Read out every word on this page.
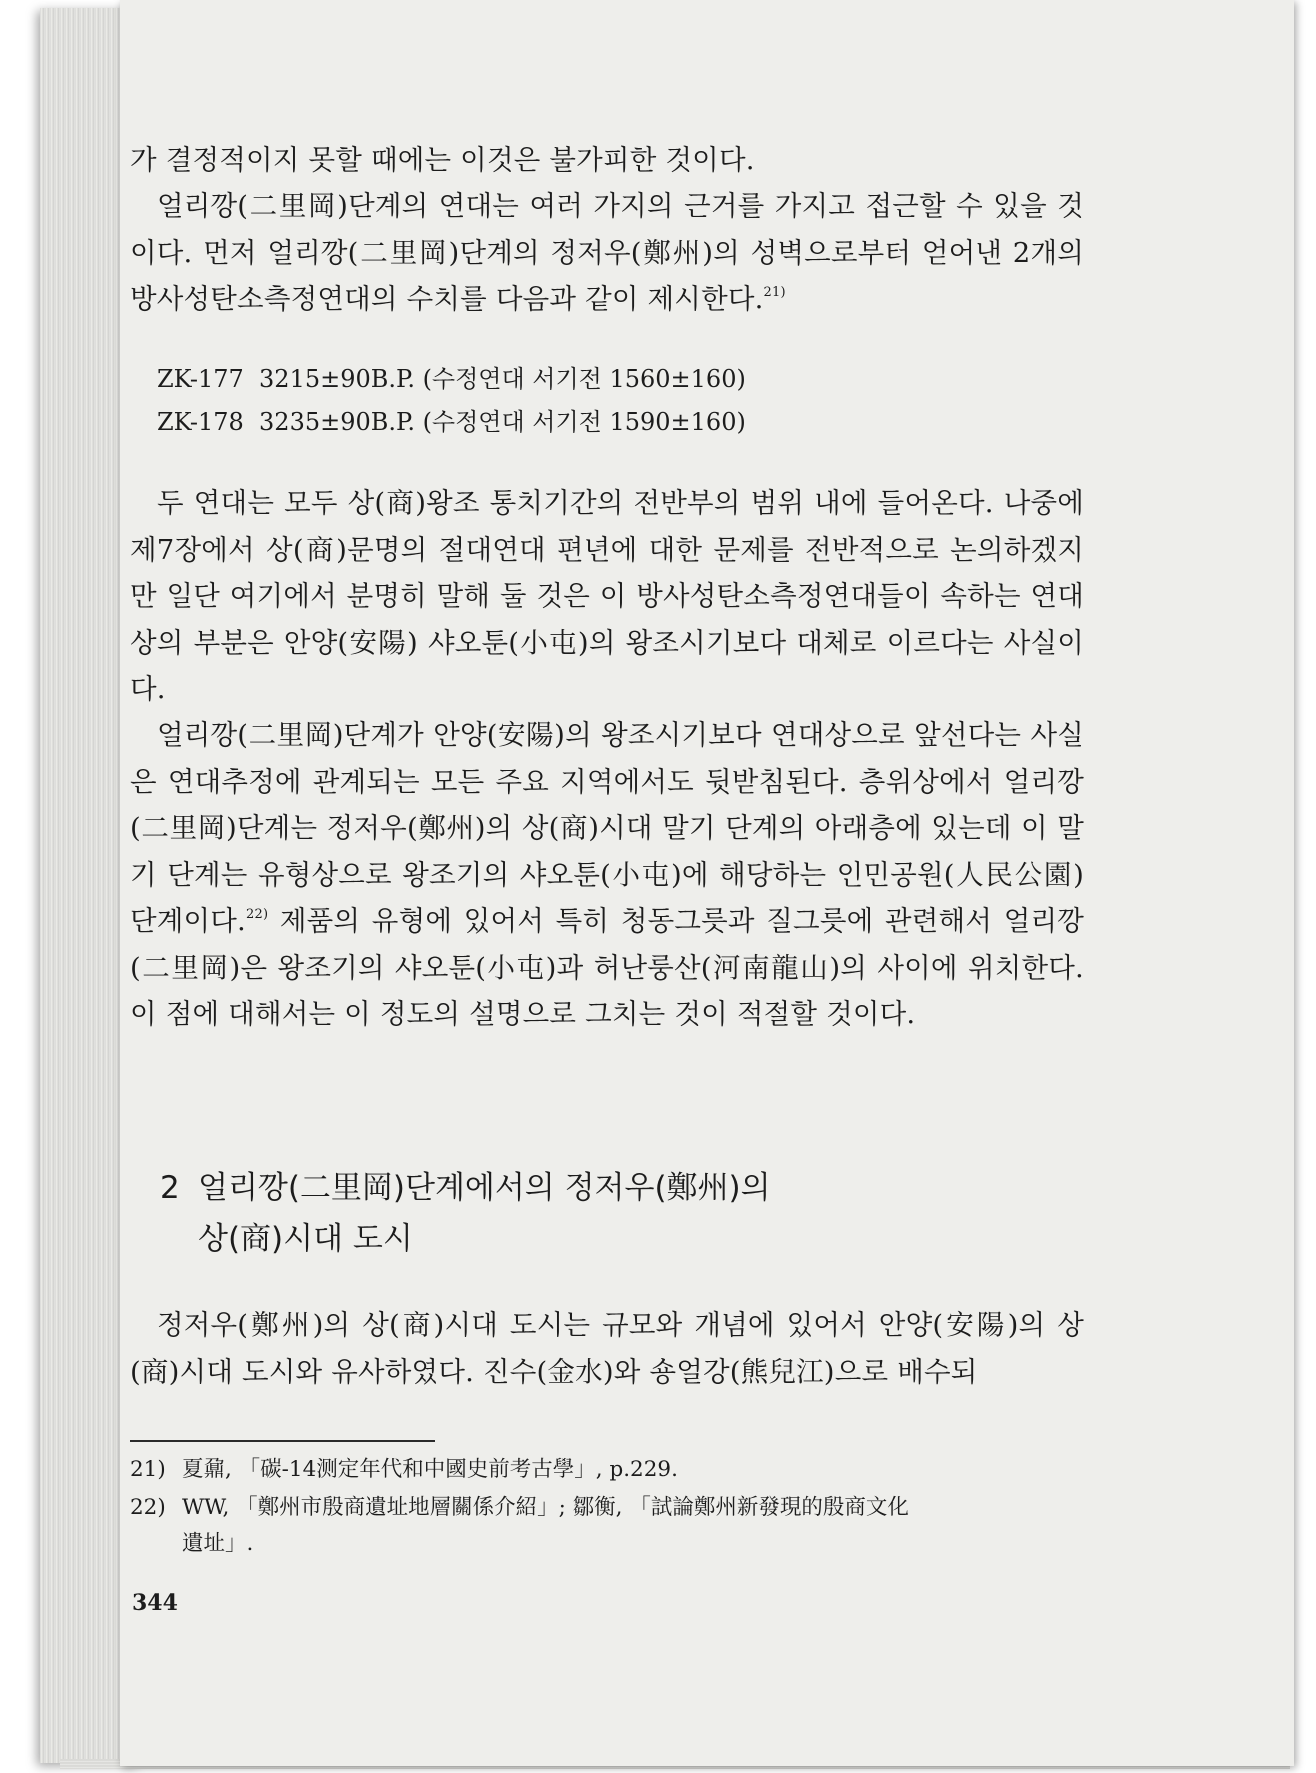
가 결정적이지 못할 때에는 이것은 불가피한 것이다.

얼리깡(二里岡)단계의 연대는 여러 가지의 근거를 가지고 접근할 수 있을 것이다. 먼저 얼리깡(二里岡)단계의 정저우(鄭州)의 성벽으로부터 얻어낸 2개의 방사성탄소측정연대의 수치를 다음과 같이 제시한다.$^{21)}$

ZK-177  3215±90B.P. (수정연대 서기전 1560±160)
ZK-178  3235±90B.P. (수정연대 서기전 1590±160)

두 연대는 모두 상(商)왕조 통치기간의 전반부의 범위 내에 들어온다. 나중에 제7장에서 상(商)문명의 절대연대 편년에 대한 문제를 전반적으로 논의하겠지만 일단 여기에서 분명히 말해 둘 것은 이 방사성탄소측정연대들이 속하는 연대상의 부분은 안양(安陽) 샤오툰(小屯)의 왕조시기보다 대체로 이르다는 사실이다.

얼리깡(二里岡)단계가 안양(安陽)의 왕조시기보다 연대상으로 앞선다는 사실은 연대추정에 관계되는 모든 주요 지역에서도 뒷받침된다. 층위상에서 얼리깡(二里岡)단계는 정저우(鄭州)의 상(商)시대 말기 단계의 아래층에 있는데 이 말기 단계는 유형상으로 왕조기의 샤오툰(小屯)에 해당하는 인민공원(人民公園)단계이다.$^{22)}$ 제품의 유형에 있어서 특히 청동그릇과 질그릇에 관련해서 얼리깡(二里岡)은 왕조기의 샤오툰(小屯)과 허난룽산(河南龍山)의 사이에 위치한다. 이 점에 대해서는 이 정도의 설명으로 그치는 것이 적절할 것이다.

2 얼리깡(二里岡)단계에서의 정저우(鄭州)의
상(商)시대 도시

정저우(鄭州)의 상(商)시대 도시는 규모와 개념에 있어서 안양(安陽)의 상(商)시대 도시와 유사하였다. 진수(金水)와 숑얼강(熊兒江)으로 배수되

21) 夏鼐, 「碳-14测定年代和中國史前考古學」, p.229.

22) WW, 「鄭州市殷商遺址地層關係介紹」; 鄒衡, 「試論鄭州新發現的殷商文化
遺址」.

344
